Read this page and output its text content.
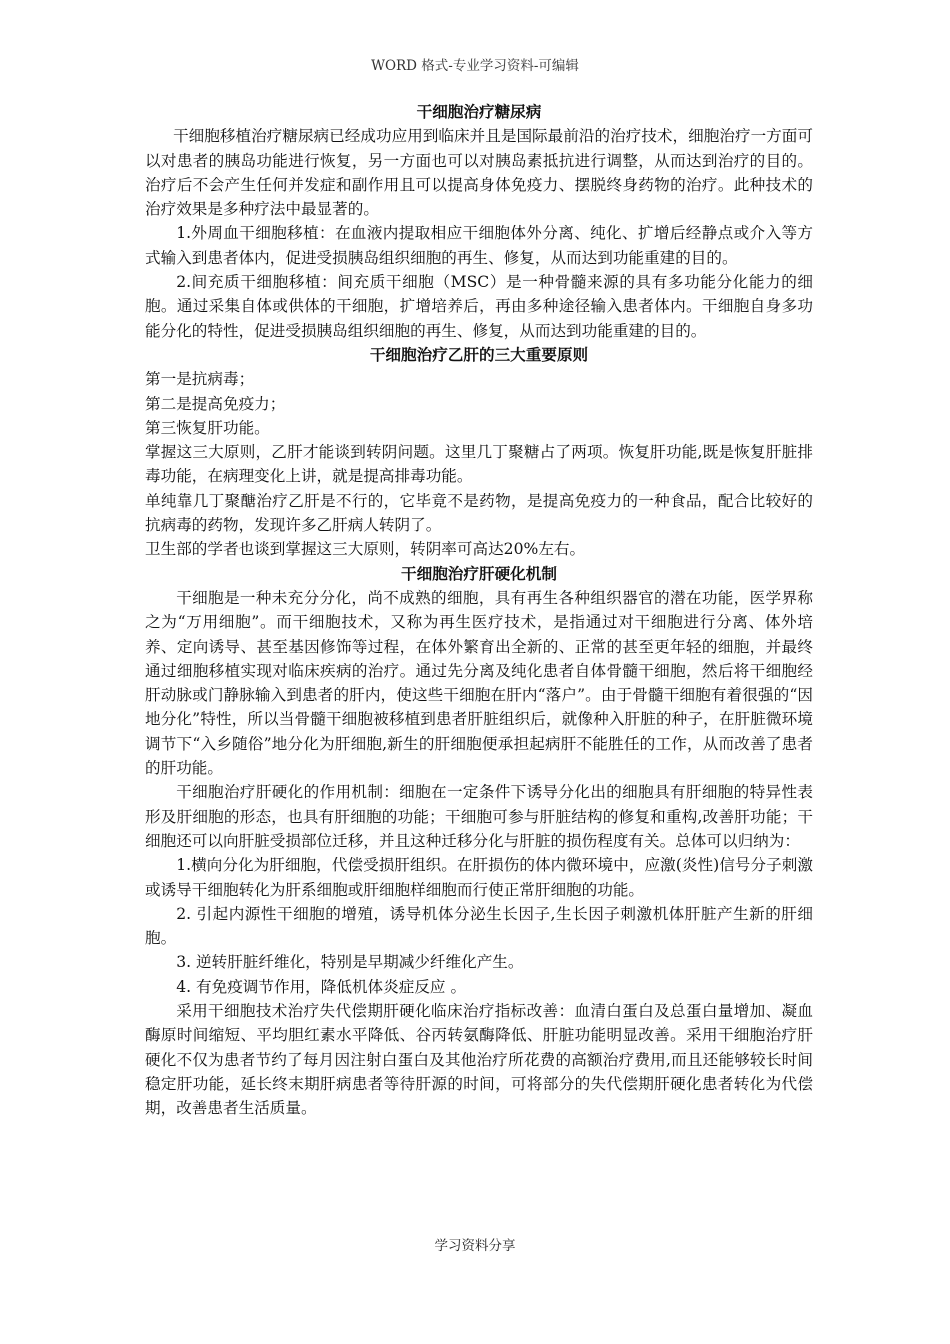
WORD 格式-专业学习资料-可编辑

干细胞治疗糖尿病

干细胞移植治疗糖尿病已经成功应用到临床并且是国际最前沿的治疗技术，细胞治疗一方面可以对患者的胰岛功能进行恢复，另一方面也可以对胰岛素抵抗进行调整，从而达到治疗的目的。治疗后不会产生任何并发症和副作用且可以提高身体免疫力、摆脱终身药物的治疗。此种技术的治疗效果是多种疗法中最显著的。

1.外周血干细胞移植：在血液内提取相应干细胞体外分离、纯化、扩增后经静点或介入等方式输入到患者体内，促进受损胰岛组织细胞的再生、修复，从而达到功能重建的目的。

2.间充质干细胞移植：间充质干细胞（MSC）是一种骨髓来源的具有多功能分化能力的细胞。通过采集自体或供体的干细胞，扩增培养后，再由多种途径输入患者体内。干细胞自身多功能分化的特性，促进受损胰岛组织细胞的再生、修复，从而达到功能重建的目的。

干细胞治疗乙肝的三大重要原则

第一是抗病毒；

第二是提高免疫力；

第三恢复肝功能。

掌握这三大原则，乙肝才能谈到转阴问题。这里几丁聚糖占了两项。恢复肝功能,既是恢复肝脏排毒功能，在病理变化上讲，就是提高排毒功能。

单纯靠几丁聚醣治疗乙肝是不行的，它毕竟不是药物，是提高免疫力的一种食品，配合比较好的抗病毒的药物，发现许多乙肝病人转阴了。

卫生部的学者也谈到掌握这三大原则，转阴率可高达20%左右。

干细胞治疗肝硬化机制

干细胞是一种未充分分化，尚不成熟的细胞，具有再生各种组织器官的潜在功能，医学界称之为“万用细胞”。而干细胞技术，又称为再生医疗技术，是指通过对干细胞进行分离、体外培养、定向诱导、甚至基因修饰等过程，在体外繁育出全新的、正常的甚至更年轻的细胞，并最终通过细胞移植实现对临床疾病的治疗。通过先分离及纯化患者自体骨髓干细胞，然后将干细胞经肝动脉或门静脉输入到患者的肝内，使这些干细胞在肝内“落户”。由于骨髓干细胞有着很强的“因地分化”特性，所以当骨髓干细胞被移植到患者肝脏组织后，就像种入肝脏的种子，在肝脏微环境调节下“入乡随俗”地分化为肝细胞,新生的肝细胞便承担起病肝不能胜任的工作，从而改善了患者的肝功能。

干细胞治疗肝硬化的作用机制：细胞在一定条件下诱导分化出的细胞具有肝细胞的特异性表形及肝细胞的形态，也具有肝细胞的功能；干细胞可参与肝脏结构的修复和重构,改善肝功能；干细胞还可以向肝脏受损部位迁移，并且这种迁移分化与肝脏的损伤程度有关。总体可以归纳为：

1.横向分化为肝细胞，代偿受损肝组织。在肝损伤的体内微环境中，应激(炎性)信号分子刺激或诱导干细胞转化为肝系细胞或肝细胞样细胞而行使正常肝细胞的功能。

2. 引起内源性干细胞的增殖，诱导机体分泌生长因子,生长因子刺激机体肝脏产生新的肝细胞。

3. 逆转肝脏纤维化，特别是早期减少纤维化产生。

4. 有免疫调节作用，降低机体炎症反应 。

采用干细胞技术治疗失代偿期肝硬化临床治疗指标改善：血清白蛋白及总蛋白量增加、凝血酶原时间缩短、平均胆红素水平降低、谷丙转氨酶降低、肝脏功能明显改善。采用干细胞治疗肝硬化不仅为患者节约了每月因注射白蛋白及其他治疗所花费的高额治疗费用,而且还能够较长时间稳定肝功能，延长终末期肝病患者等待肝源的时间，可将部分的失代偿期肝硬化患者转化为代偿期，改善患者生活质量。

学习资料分享
